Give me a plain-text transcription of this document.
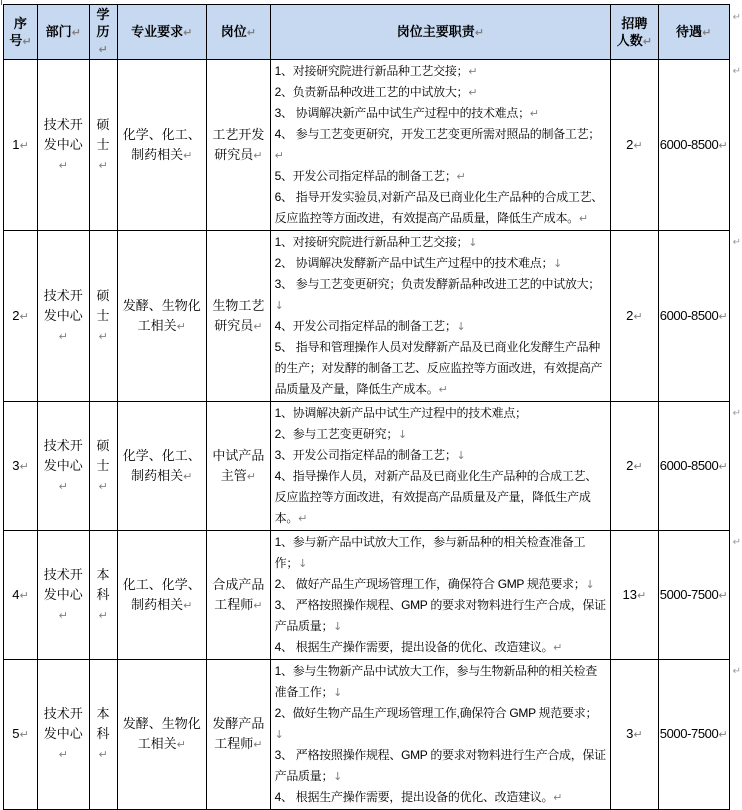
序
号↵	部门↵	学
历↵	专业要求↵	岗位↵	岗位主要职责↵	招聘
人数↵	待遇↵	↵
1↵	技术开发中心↵	硕士↵	化学、化工、制药相关↵	工艺开发研究员↵	
1、对接研究院进行新品种工艺交接；↵
2、负责新品种改进工艺的中试放大；↵
3、 协调解决新产品中试生产过程中的技术难点；↵
4、 参与工艺变更研究，开发工艺变更所需对照品的制备工艺；↵
5、开发公司指定样品的制备工艺；↵
6、 指导开发实验员,对新产品及已商业化生产品种的合成工艺、反应监控等方面改进，有效提高产品质量，降低生产成本。↵
	2↵	6000-8500↵	↵
2↵	技术开发中心↵	硕士↵	发酵、生物化工相关↵	生物工艺研究员↵	1、对接研究院进行新品种工艺交接；↓
2、 协调解决发酵新产品中试生产过程中的技术难点；↓
3、 参与工艺变更研究；负责发酵新品种改进工艺的中试放大；↓
4、开发公司指定样品的制备工艺；↓
5、 指导和管理操作人员对发酵新产品及已商业化发酵生产品种的生产；对发酵的制备工艺、反应监控等方面改进，有效提高产品质量及产量，降低生产成本。↵	2↵	6000-8500↵	↵
3↵	技术开发中心↵	硕士↵	化学、化工、制药相关↵	中试产品主管↵	1、协调解决新产品中试生产过程中的技术难点；
2、参与工艺变更研究；↓
3、开发公司指定样品的制备工艺；↓
4、指导操作人员，对新产品及已商业化生产品种的合成工艺、反应监控等方面改进，有效提高产品质量及产量，降低生产成本。↵	2↵	6000-8500↵	↵
4↵	技术开发中心↵	本科↵	化工、化学、制药相关↵	合成产品工程师↵	1、参与新产品中试放大工作，参与新品种的相关检查准备工作；↓
2、 做好产品生产现场管理工作，确保符合 GMP 规范要求；↓
3、 严格按照操作规程、GMP 的要求对物料进行生产合成，保证产品质量；↓
4、 根据生产操作需要，提出设备的优化、改造建议。↵	13↵	5000-7500↵	↵
5↵	技术开发中心↵	本科↵	发酵、生物化工相关↵	发酵产品工程师↵	1、参与生物新产品中试放大工作，参与生物新品种的相关检查准备工作；↓
2、做好生物产品生产现场管理工作,确保符合 GMP 规范要求；↓
3、 严格按照操作规程、GMP 的要求对物料进行生产合成，保证产品质量；↓
4、 根据生产操作需要，提出设备的优化、改造建议。↵	3↵	5000-7500↵	↵
